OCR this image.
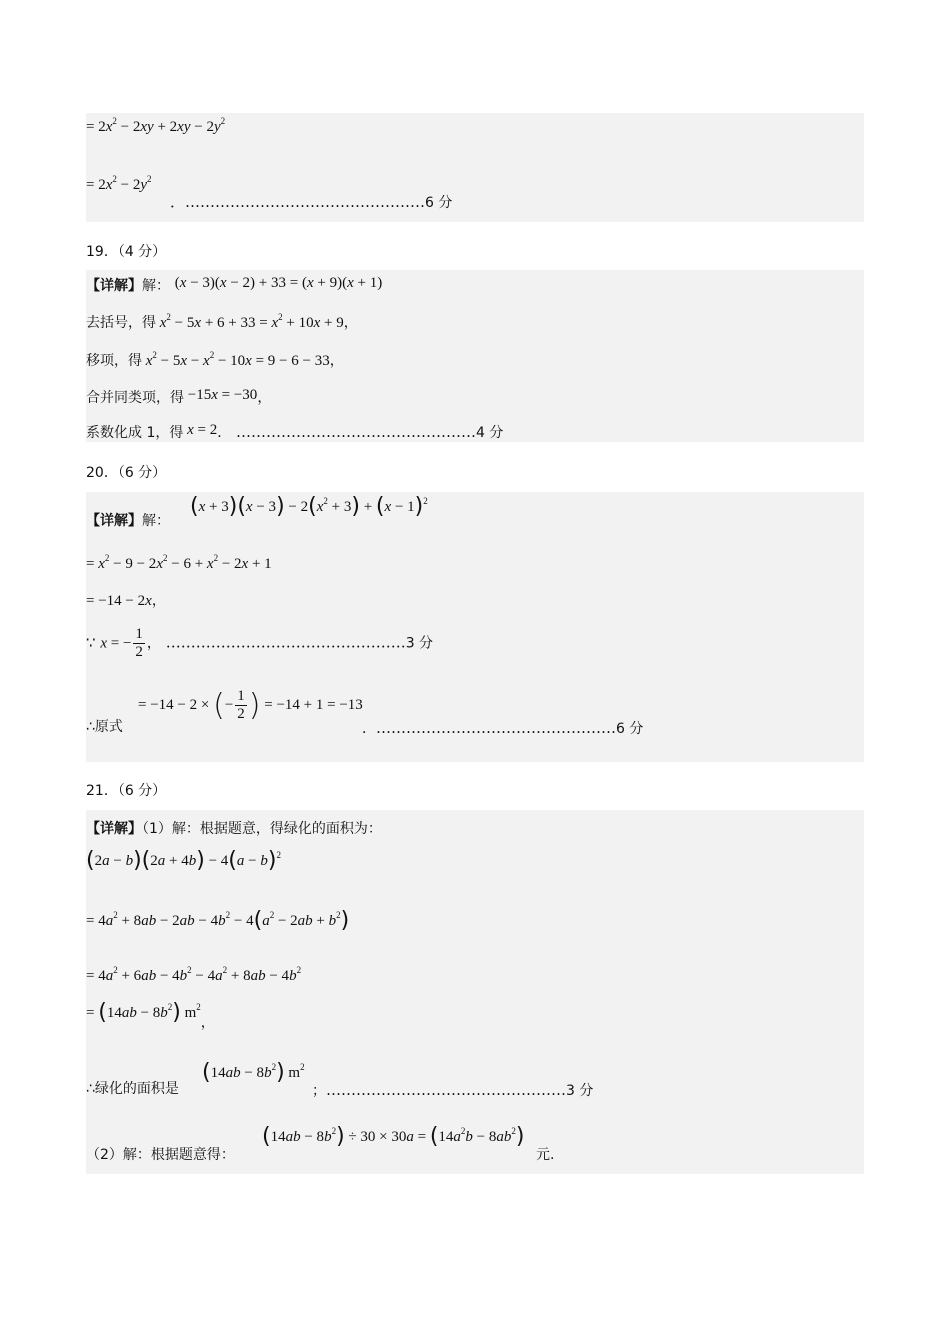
= $2x^2 - 2xy + 2xy - 2y^2$
= $2x^2 - 2y^2$
．…………………………………………6 分
19．（4 分）
【详解】解： (x − 3)(x − 2) + 33 = (x + 9)(x + 1)
去括号，得 $x^2 - 5x + 6 + 33 = x^2 + 10x + 9$，
移项，得 $x^2 - 5x - x^2 - 10x = 9 - 6 - 33$，
合并同类项，得 −15x = −30，
系数化成 1，得 x = 2． …………………………………………4 分
20．（6 分）
【详解】解：
$(x + 3)(x - 3) - 2(x^2 + 3) + (x - 1)^2$
= $x^2 - 9 - 2x^2 - 6 + x^2 - 2x + 1$
= −14 − 2x，
∵ x = − $\frac{1}{2}$ ， …………………………………………3 分
∴原式
= −14 − 2 × (− $\frac{1}{2}$ ) = −14 + 1 = −13
．…………………………………………6 分
21．（6 分）
【详解】（1）解：根据题意，得绿化的面积为：
$(2a - b)(2a + 4b) - 4(a - b)^2$
= $4a^2 + 8ab - 2ab - 4b^2 - 4(a^2 - 2ab + b^2)$
= $4a^2 + 6ab - 4b^2 - 4a^2 + 8ab - 4b^2$
= $(14ab - 8b^2)$ $m^2$，
∴绿化的面积是
$(14ab - 8b^2)$ $m^2$
；…………………………………………3 分
（2）解：根据题意得：
$(14ab - 8b^2) \div 30 \times 30a = (14a^2b - 8ab^2)$
元.
